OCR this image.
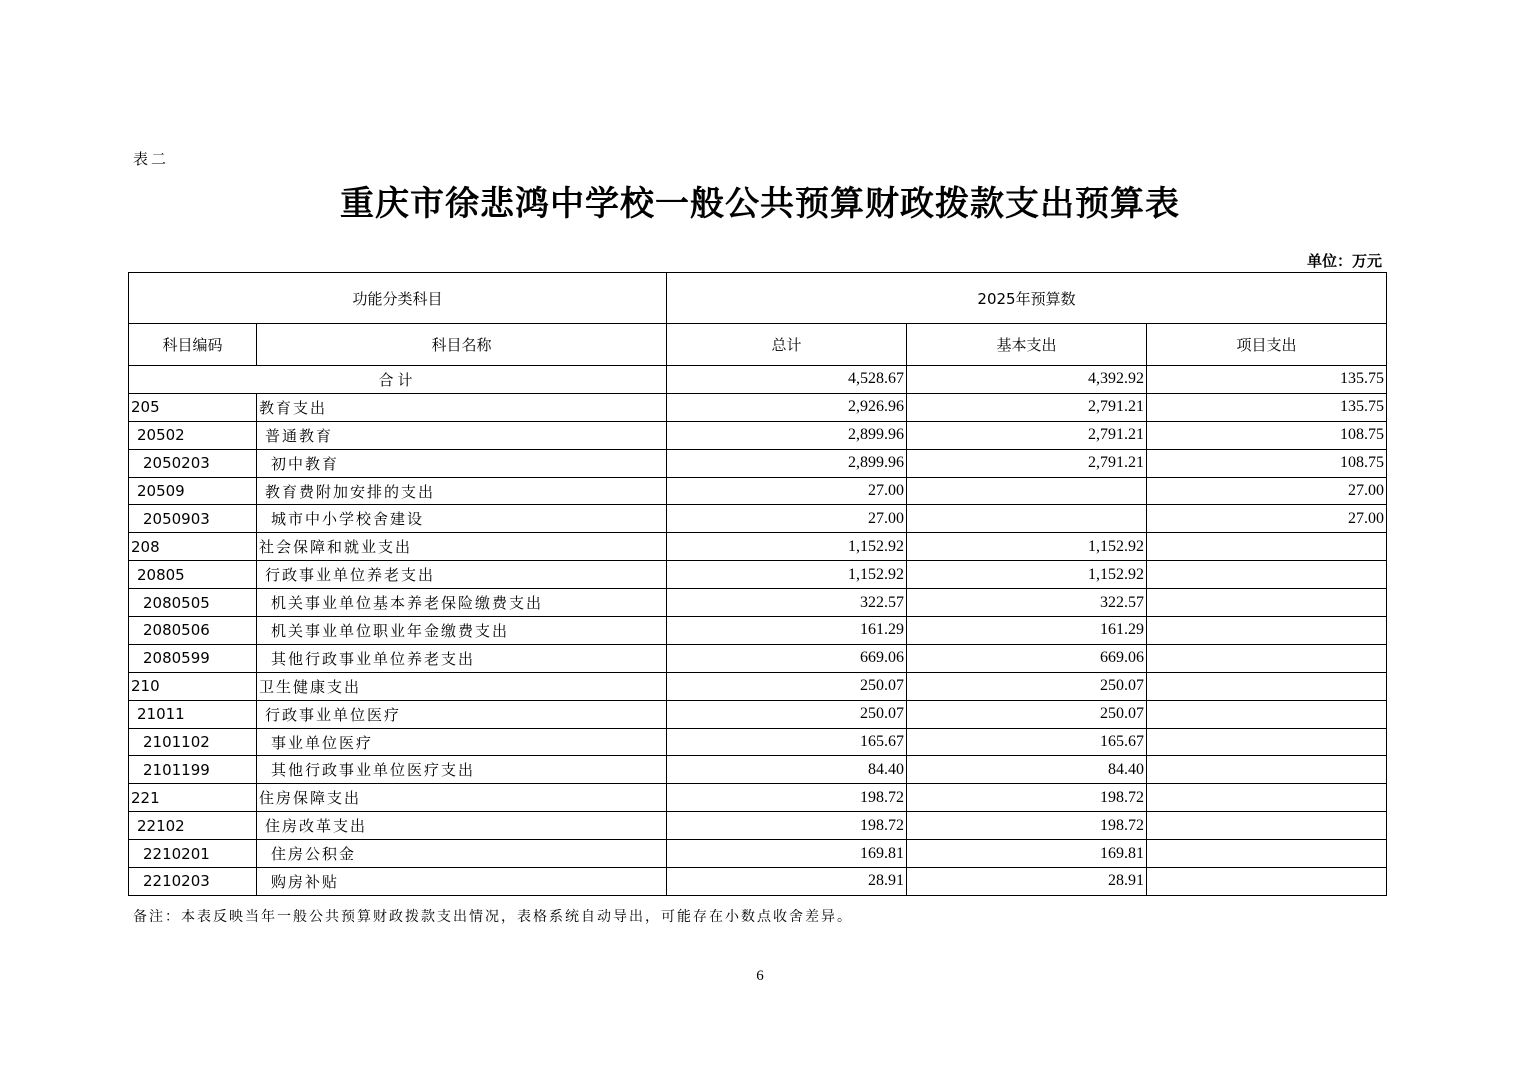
表二
重庆市徐悲鸿中学校一般公共预算财政拨款支出预算表
单位：万元
功能分类科目		2025年预算数		
科目编码	科目名称	总计	基本支出	项目支出
合计		4,528.67	4,392.92	135.75
205	教育支出	2,926.96	2,791.21	135.75
20502	普通教育	2,899.96	2,791.21	108.75
2050203	初中教育	2,899.96	2,791.21	108.75
20509	教育费附加安排的支出	27.00		27.00
2050903	城市中小学校舍建设	27.00		27.00
208	社会保障和就业支出	1,152.92	1,152.92	
20805	行政事业单位养老支出	1,152.92	1,152.92	
2080505	机关事业单位基本养老保险缴费支出	322.57	322.57	
2080506	机关事业单位职业年金缴费支出	161.29	161.29	
2080599	其他行政事业单位养老支出	669.06	669.06	
210	卫生健康支出	250.07	250.07	
21011	行政事业单位医疗	250.07	250.07	
2101102	事业单位医疗	165.67	165.67	
2101199	其他行政事业单位医疗支出	84.40	84.40	
221	住房保障支出	198.72	198.72	
22102	住房改革支出	198.72	198.72	
2210201	住房公积金	169.81	169.81	
2210203	购房补贴	28.91	28.91	
备注：本表反映当年一般公共预算财政拨款支出情况，表格系统自动导出，可能存在小数点收舍差异。
6
